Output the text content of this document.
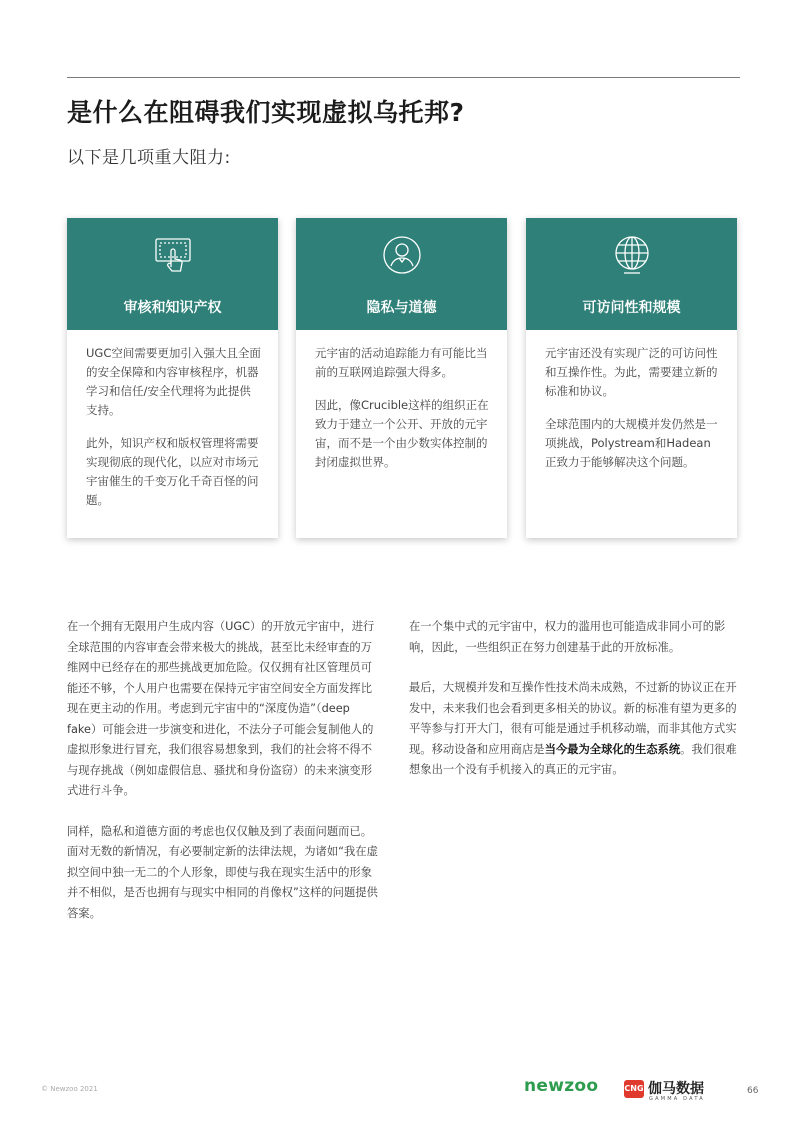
是什么在阻碍我们实现虚拟乌托邦?

以下是几项重大阻力:

审核和知识产权

UGC空间需要更加引入强大且全面的安全保障和内容审核程序，机器学习和信任/安全代理将为此提供支持。

此外，知识产权和版权管理将需要实现彻底的现代化，以应对市场元宇宙催生的千变万化千奇百怪的问题。

隐私与道德

元宇宙的活动追踪能力有可能比当前的互联网追踪强大得多。

因此，像Crucible这样的组织正在致力于建立一个公开、开放的元宇宙，而不是一个由少数实体控制的封闭虚拟世界。

可访问性和规模

元宇宙还没有实现广泛的可访问性和互操作性。为此，需要建立新的标准和协议。

全球范围内的大规模并发仍然是一项挑战，Polystream和Hadean正致力于能够解决这个问题。

在一个拥有无限用户生成内容（UGC）的开放元宇宙中，进行全球范围的内容审查会带来极大的挑战，甚至比未经审查的万维网中已经存在的那些挑战更加危险。仅仅拥有社区管理员可能还不够，个人用户也需要在保持元宇宙空间安全方面发挥比现在更主动的作用。考虑到元宇宙中的“深度伪造”（deep fake）可能会进一步演变和进化，不法分子可能会复制他人的虚拟形象进行冒充，我们很容易想象到，我们的社会将不得不与现存挑战（例如虚假信息、骚扰和身份盗窃）的未来演变形式进行斗争。

同样，隐私和道德方面的考虑也仅仅触及到了表面问题而已。面对无数的新情况，有必要制定新的法律法规，为诸如“我在虚拟空间中独一无二的个人形象，即使与我在现实生活中的形象并不相似，是否也拥有与现实中相同的肖像权”这样的问题提供答案。

在一个集中式的元宇宙中，权力的滥用也可能造成非同小可的影响，因此，一些组织正在努力创建基于此的开放标准。

最后，大规模并发和互操作性技术尚未成熟，不过新的协议正在开发中，未来我们也会看到更多相关的协议。新的标准有望为更多的平等参与打开大门，很有可能是通过手机移动端，而非其他方式实现。移动设备和应用商店是当今最为全球化的生态系统。我们很难想象出一个没有手机接入的真正的元宇宙。

© Newzoo 2021	newzoo	CNG 伽马数据
GAMMA DATA
66
